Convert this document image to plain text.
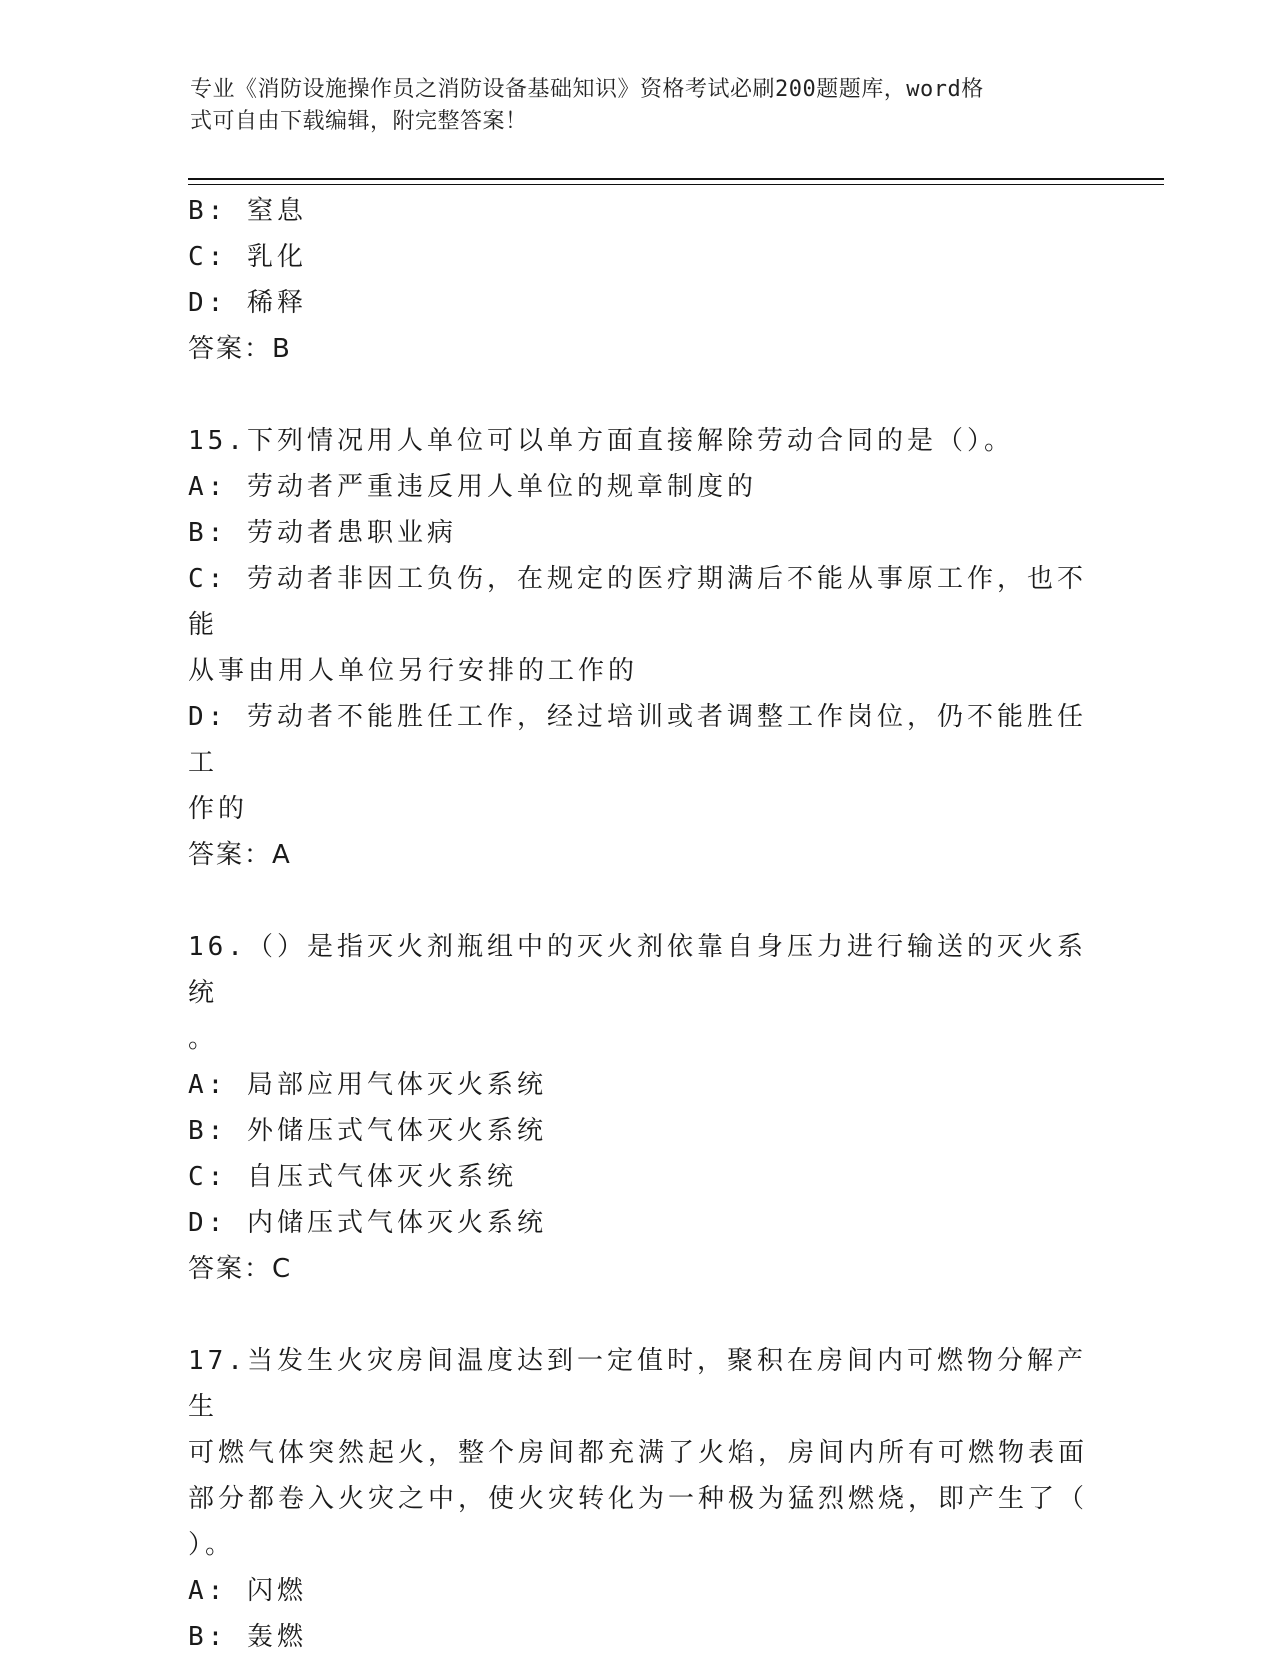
专业《消防设施操作员之消防设备基础知识》资格考试必刷200题题库，word格
式可自由下载编辑，附完整答案！
B: 窒息
C: 乳化
D: 稀释
答案：B
15.下列情况用人单位可以单方面直接解除劳动合同的是（）。
A: 劳动者严重违反用人单位的规章制度的
B: 劳动者患职业病
C: 劳动者非因工负伤，在规定的医疗期满后不能从事原工作，也不能
从事由用人单位另行安排的工作的
D: 劳动者不能胜任工作，经过培训或者调整工作岗位，仍不能胜任工
作的
答案：A
16.（）是指灭火剂瓶组中的灭火剂依靠自身压力进行输送的灭火系统
。
A: 局部应用气体灭火系统
B: 外储压式气体灭火系统
C: 自压式气体灭火系统
D: 内储压式气体灭火系统
答案：C
17.当发生火灾房间温度达到一定值时，聚积在房间内可燃物分解产生
可燃气体突然起火，整个房间都充满了火焰，房间内所有可燃物表面
部分都卷入火灾之中，使火灾转化为一种极为猛烈燃烧，即产生了（
）。
A: 闪燃
B: 轰燃
